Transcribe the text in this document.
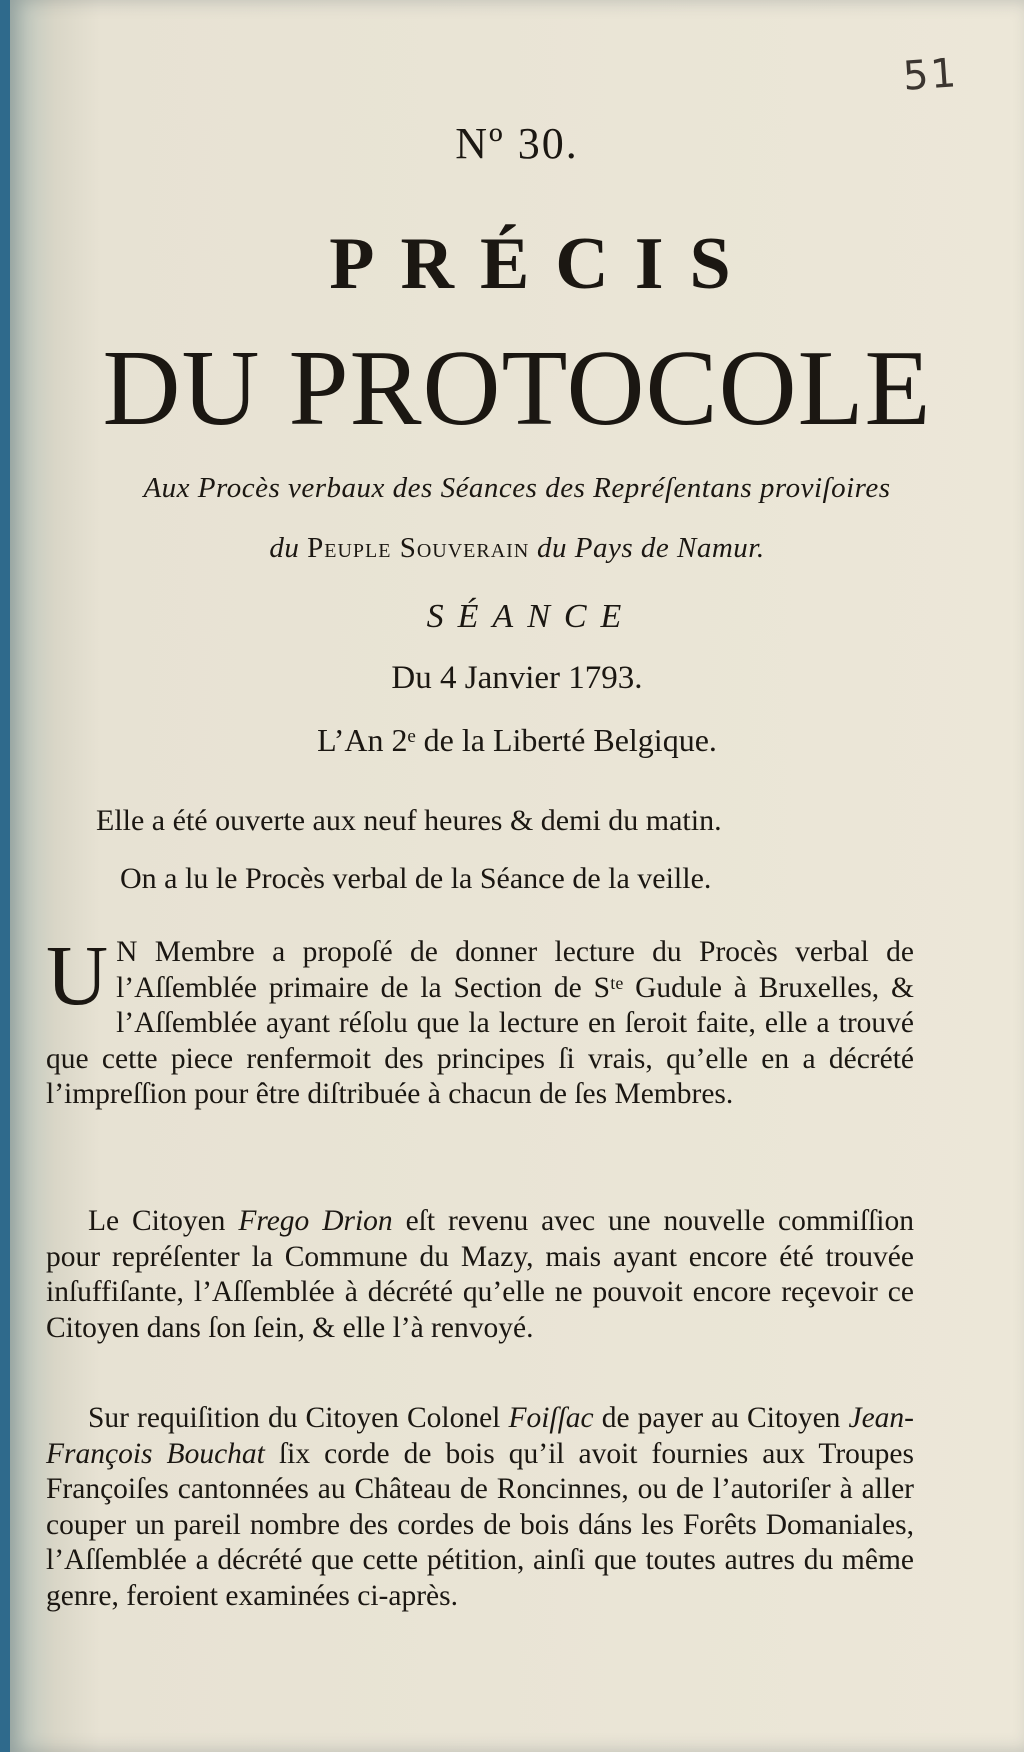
51
Nº 30.
PRÉCIS
DU PROTOCOLE
Aux Procès verbaux des Séances des Repréſentans proviſoires
du Peuple Souverain du Pays de Namur.
SÉANCE
Du 4 Janvier 1793.
L’An 2ᵉ de la Liberté Belgique.
Elle a été ouverte aux neuf heures & demi du matin.
On a lu le Procès verbal de la Séance de la veille.
U N Membre a propoſé de donner lecture du Procès verbal de l’Aſſemblée primaire de la Section de Sᵗᵉ Gudule à Bruxelles, & l’Aſſemblée ayant réſolu que la lecture en ſeroit faite, elle a trouvé que cette piece renfermoit des principes ſi vrais, qu’elle en a décrété l’impreſſion pour être diſtribuée à chacun de ſes Membres.
Le Citoyen Frego Drion eſt revenu avec une nouvelle commiſſion pour repréſenter la Commune du Mazy, mais ayant encore été trouvée inſuffiſante, l’Aſſemblée à décrété qu’elle ne pouvoit encore reçevoir ce Citoyen dans ſon ſein, & elle l’à renvoyé.
Sur requiſition du Citoyen Colonel Foiſſac de payer au Citoyen Jean-François Bouchat ſix corde de bois qu’il avoit fournies aux Troupes Françoiſes cantonnées au Château de Roncinnes, ou de l’autoriſer à aller couper un pareil nombre des cordes de bois dáns les Forêts Domaniales, l’Aſſemblée a décrété que cette pétition, ainſi que toutes autres du même genre, feroient examinées ci-après.
